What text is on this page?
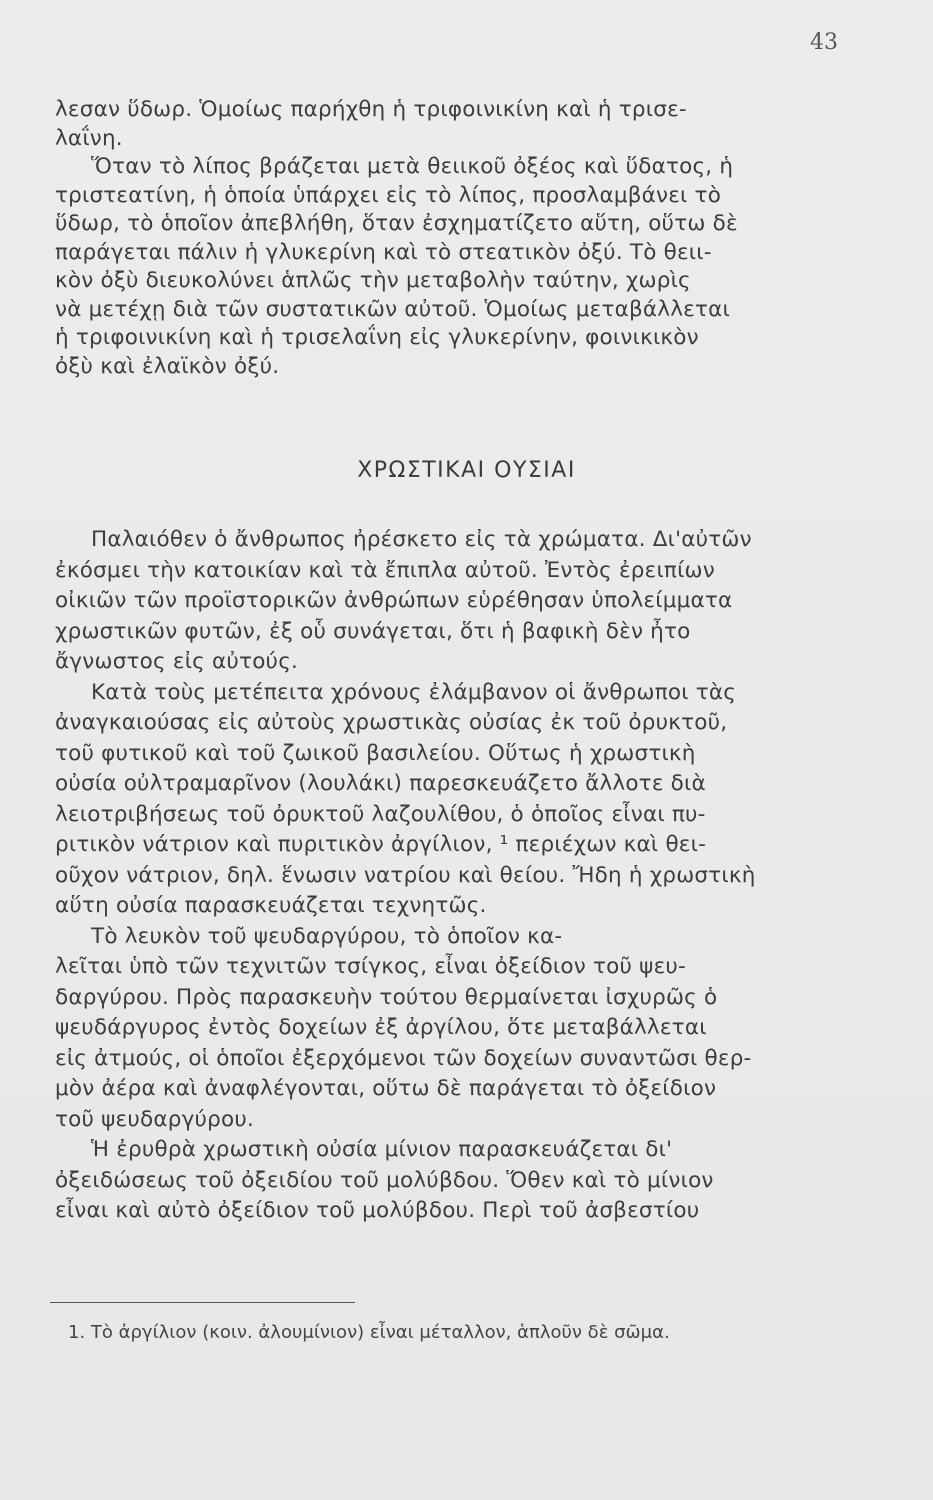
43
λεσαν ὕδωρ. Ὁμοίως παρήχθη ἡ τριφοινικίνη καὶ ἡ τρισε-
λαΐνη.
Ὅταν τὸ λίπος βράζεται μετὰ θειικοῦ ὀξέος καὶ ὕδατος, ἡ
τριστεατίνη, ἡ ὁποία ὑπάρχει εἰς τὸ λίπος, προσλαμβάνει τὸ
ὕδωρ, τὸ ὁποῖον ἀπεβλήθη, ὅταν ἐσχηματίζετο αὕτη, οὕτω δὲ
παράγεται πάλιν ἡ γλυκερίνη καὶ τὸ στεατικὸν ὀξύ. Τὸ θειι-
κὸν ὀξὺ διευκολύνει ἁπλῶς τὴν μεταβολὴν ταύτην, χωρὶς
νὰ μετέχῃ διὰ τῶν συστατικῶν αὐτοῦ. Ὁμοίως μεταβάλλεται
ἡ τριφοινικίνη καὶ ἡ τρισελαΐνη εἰς γλυκερίνην, φοινικικὸν
ὀξὺ καὶ ἐλαϊκὸν ὀξύ.
ΧΡΩΣΤΙΚΑΙ ΟΥΣΙΑΙ
Παλαιόθεν ὁ ἄνθρωπος ἠρέσκετο εἰς τὰ χρώματα. Δι'αὐτῶν
ἐκόσμει τὴν κατοικίαν καὶ τὰ ἔπιπλα αὐτοῦ. Ἐντὸς ἐρειπίων
οἰκιῶν τῶν προϊστορικῶν ἀνθρώπων εὑρέθησαν ὑπολείμματα
χρωστικῶν φυτῶν, ἐξ οὗ συνάγεται, ὅτι ἡ βαφικὴ δὲν ἦτο
ἄγνωστος εἰς αὐτούς.
Κατὰ τοὺς μετέπειτα χρόνους ἐλάμβανον οἱ ἄνθρωποι τὰς
ἀναγκαιούσας εἰς αὐτοὺς χρωστικὰς οὐσίας ἐκ τοῦ ὀρυκτοῦ,
τοῦ φυτικοῦ καὶ τοῦ ζωικοῦ βασιλείου. Οὕτως ἡ χρωστικὴ
οὐσία οὐλτραμαρῖνον (λουλάκι) παρεσκευάζετο ἄλλοτε διὰ
λειοτριβήσεως τοῦ ὀρυκτοῦ λαζουλίθου, ὁ ὁποῖος εἶναι πυ-
ριτικὸν νάτριον καὶ πυριτικὸν ἀργίλιον, ¹ περιέχων καὶ θει-
οῦχον νάτριον, δηλ. ἕνωσιν νατρίου καὶ θείου. Ἤδη ἡ χρωστικὴ
αὕτη οὐσία παρασκευάζεται τεχνητῶς.
Τὸ λευκὸν τοῦ ψευδαργύρου, τὸ ὁποῖον κα-
λεῖται ὑπὸ τῶν τεχνιτῶν τσίγκος, εἶναι ὀξείδιον τοῦ ψευ-
δαργύρου. Πρὸς παρασκευὴν τούτου θερμαίνεται ἰσχυρῶς ὁ
ψευδάργυρος ἐντὸς δοχείων ἐξ ἀργίλου, ὅτε μεταβάλλεται
εἰς ἀτμούς, οἱ ὁποῖοι ἐξερχόμενοι τῶν δοχείων συναντῶσι θερ-
μὸν ἀέρα καὶ ἀναφλέγονται, οὕτω δὲ παράγεται τὸ ὀξείδιον
τοῦ ψευδαργύρου.
Ἡ ἐρυθρὰ χρωστικὴ οὐσία μίνιον παρασκευάζεται δι'
ὀξειδώσεως τοῦ ὀξειδίου τοῦ μολύβδου. Ὅθεν καὶ τὸ μίνιον
εἶναι καὶ αὐτὸ ὀξείδιον τοῦ μολύβδου. Περὶ τοῦ ἀσβεστίου
1. Τὸ ἀργίλιον (κοιν. ἀλουμίνιον) εἶναι μέταλλον, ἁπλοῦν δὲ σῶμα.
